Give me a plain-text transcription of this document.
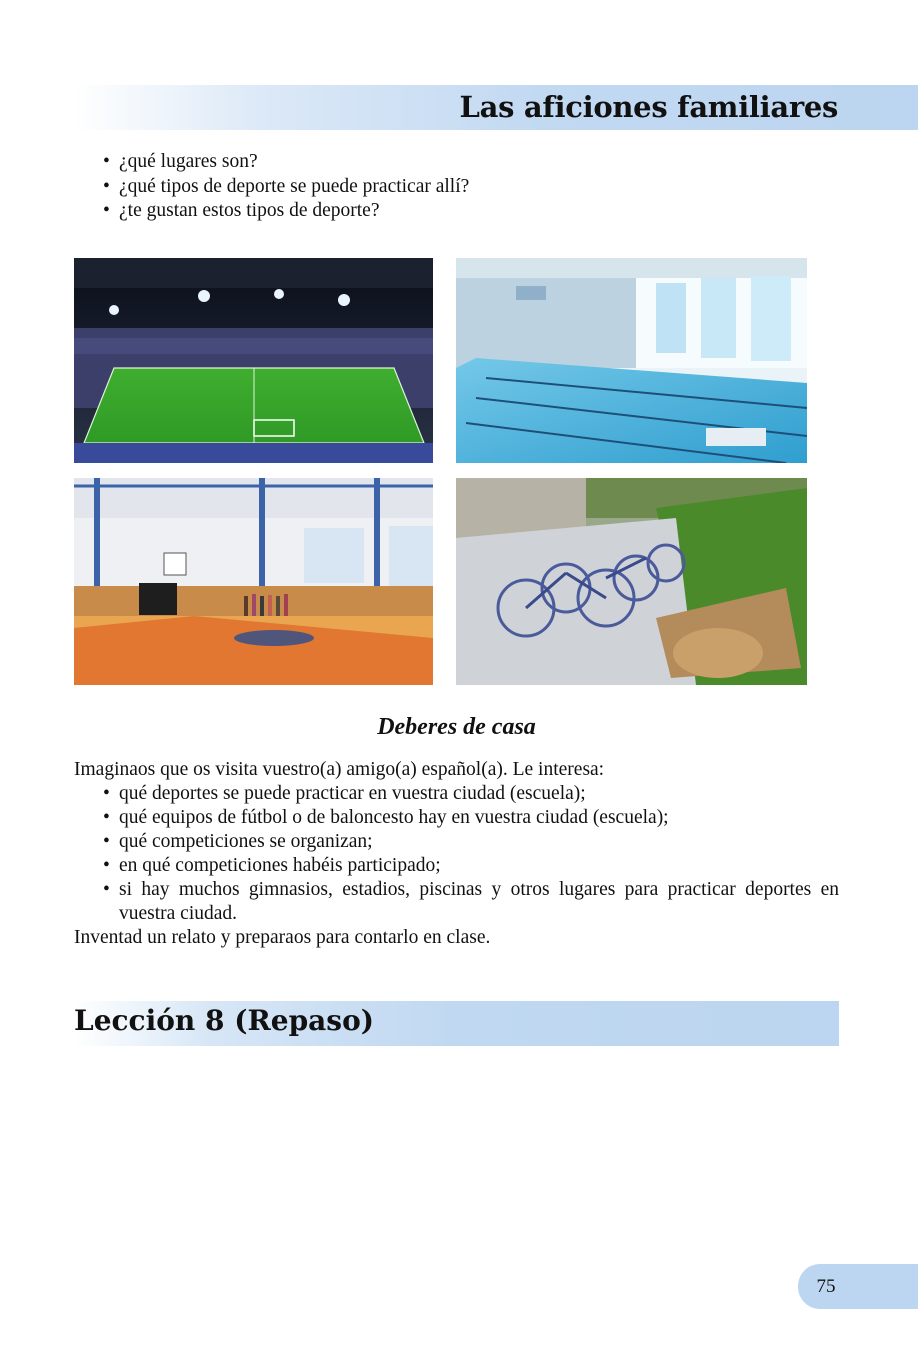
Las aficiones familiares
• ¿qué lugares son?
• ¿qué tipos de deporte se puede practicar allí?
• ¿te gustan estos tipos de deporte?
Deberes de casa
Imaginaos que os visita vuestro(a) amigo(a) español(a). Le interesa:
• qué deportes se puede practicar en vuestra ciudad (escuela);
• qué equipos de fútbol o de baloncesto hay en vuestra ciudad (escuela);
• qué competiciones se organizan;
• en qué competiciones habéis participado;
• si hay muchos gimnasios, estadios, piscinas y otros lugares para practicar deportes en vuestra ciudad.
Inventad un relato y preparaos para contarlo en clase.
Lección 8 (Repaso)
75
